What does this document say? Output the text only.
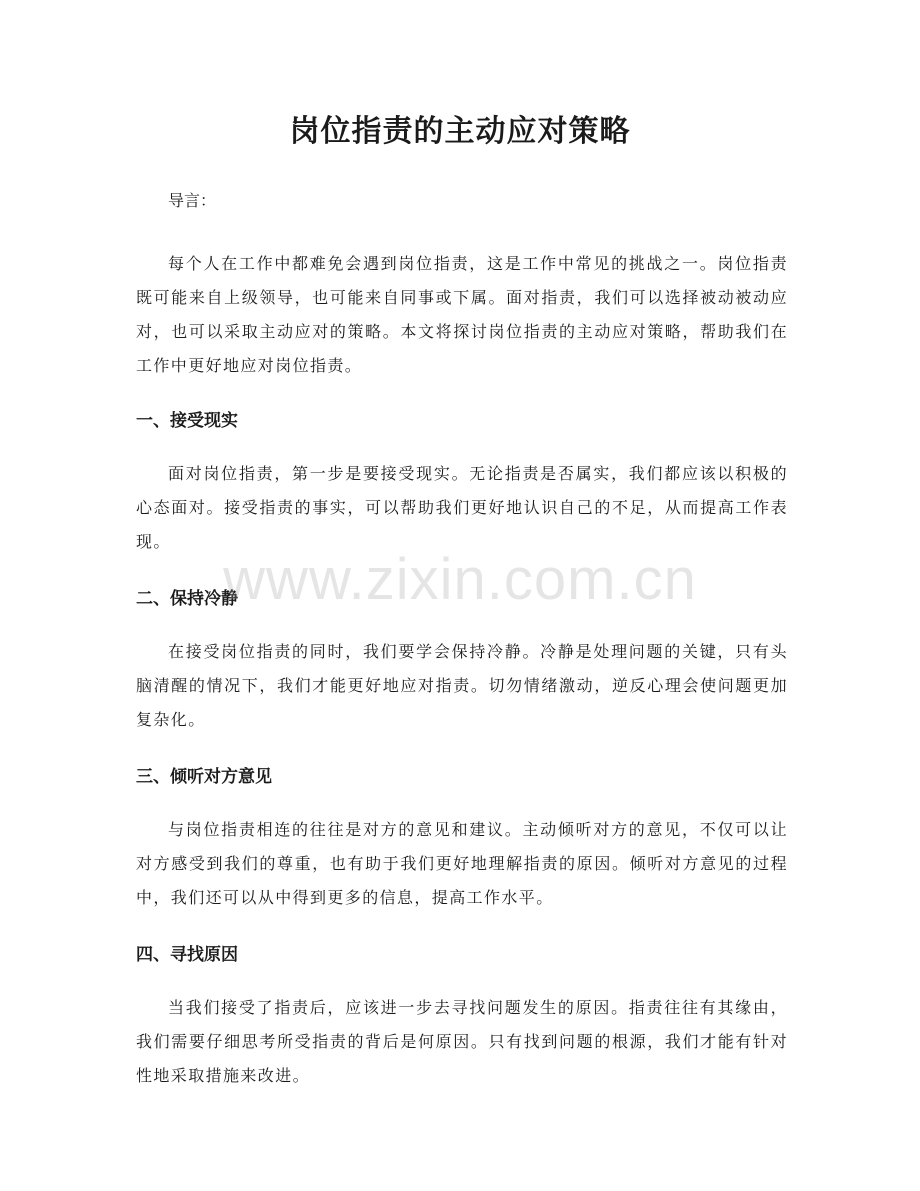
岗位指责的主动应对策略

导言：

每个人在工作中都难免会遇到岗位指责，这是工作中常见的挑战之一。岗位指责既可能来自上级领导，也可能来自同事或下属。面对指责，我们可以选择被动被动应对，也可以采取主动应对的策略。本文将探讨岗位指责的主动应对策略，帮助我们在工作中更好地应对岗位指责。

一、接受现实

面对岗位指责，第一步是要接受现实。无论指责是否属实，我们都应该以积极的心态面对。接受指责的事实，可以帮助我们更好地认识自己的不足，从而提高工作表现。

二、保持冷静

在接受岗位指责的同时，我们要学会保持冷静。冷静是处理问题的关键，只有头脑清醒的情况下，我们才能更好地应对指责。切勿情绪激动，逆反心理会使问题更加复杂化。

三、倾听对方意见

与岗位指责相连的往往是对方的意见和建议。主动倾听对方的意见，不仅可以让对方感受到我们的尊重，也有助于我们更好地理解指责的原因。倾听对方意见的过程中，我们还可以从中得到更多的信息，提高工作水平。

四、寻找原因

当我们接受了指责后，应该进一步去寻找问题发生的原因。指责往往有其缘由，我们需要仔细思考所受指责的背后是何原因。只有找到问题的根源，我们才能有针对性地采取措施来改进。

www.zixin.com.cn
